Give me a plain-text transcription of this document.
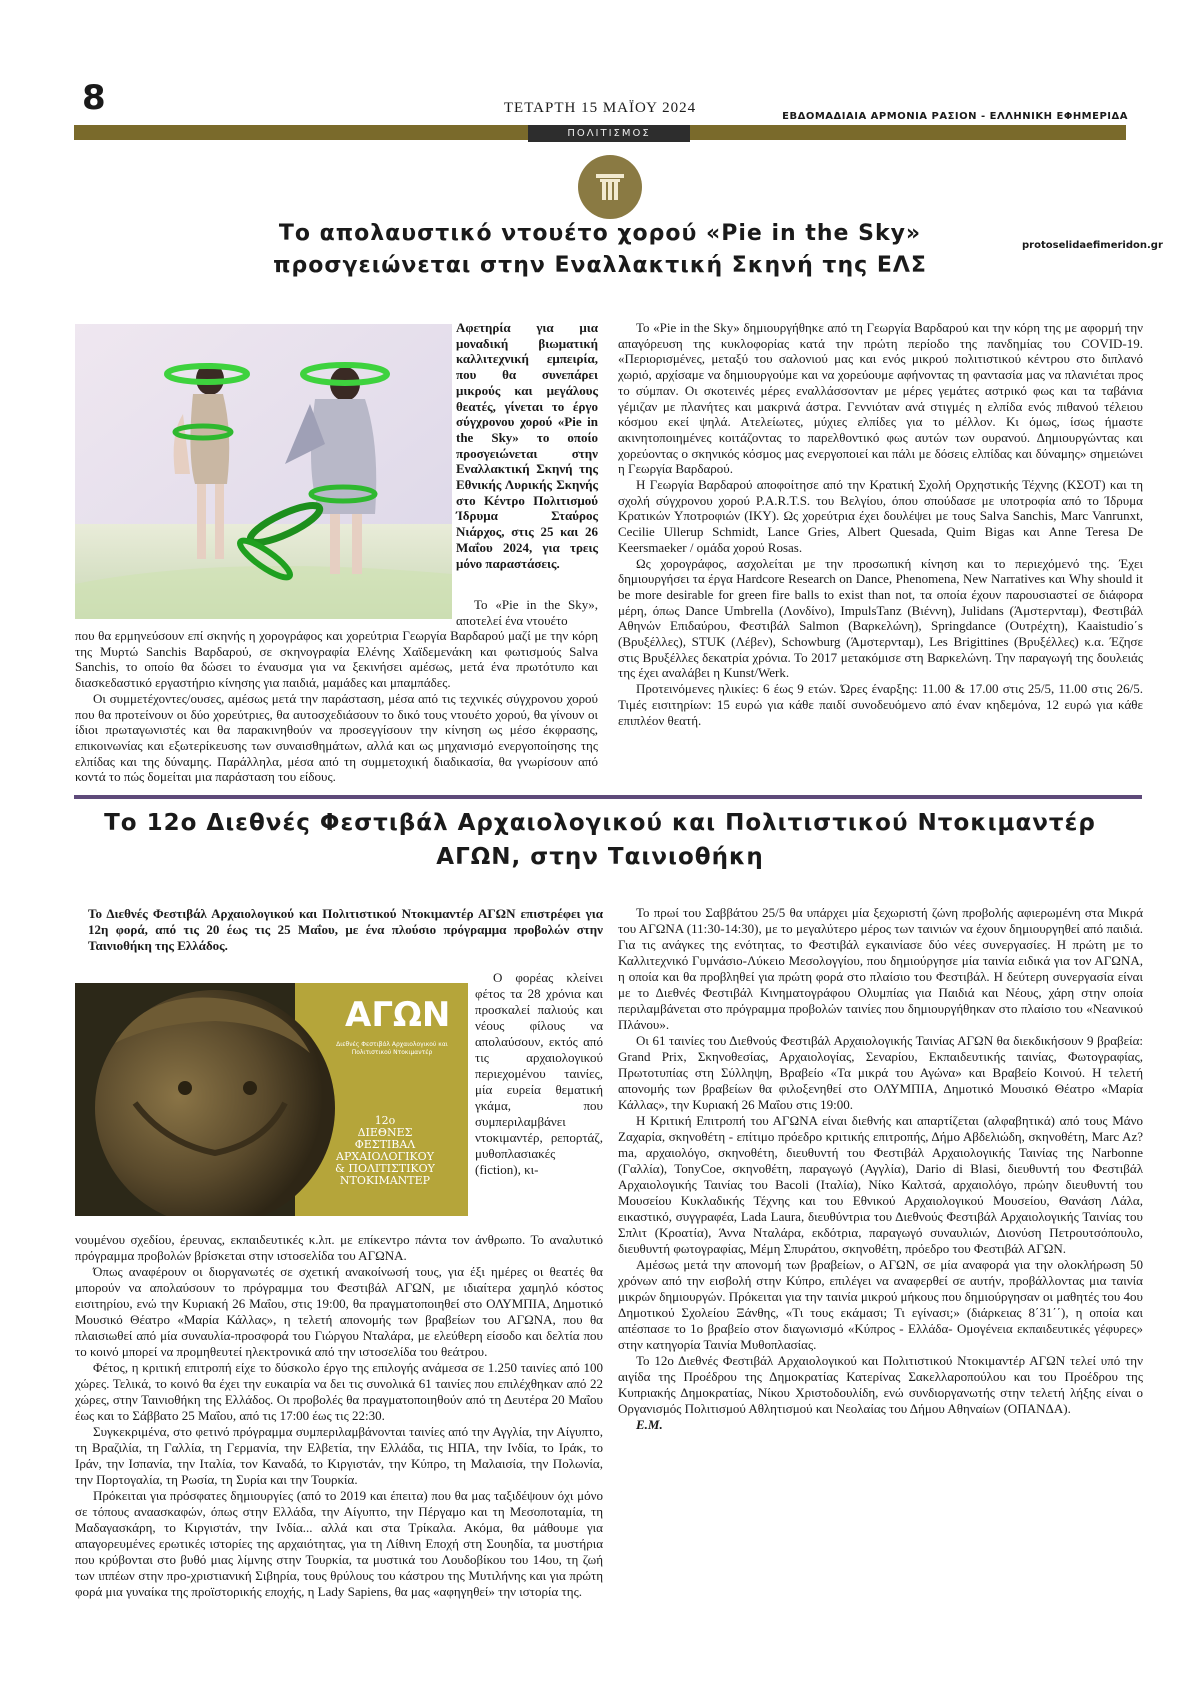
8	ΤΕΤΑΡΤΗ 15 ΜΑΪΟΥ 2024
ΕΒΔΟΜΑΔΙΑΙΑ ΑΡΜΟΝΙΑ ΡΑΣΙΟΝ - ΕΛΛΗΝΙΚΗ ΕΦΗΜΕΡΙΔΑ
ΠΟΛΙΤΙΣΜΟΣ
protoselidaefimeridon.gr
Το απολαυστικό ντουέτο χορού «Pie in the Sky» προσγειώνεται στην Εναλλακτική Σκηνή της ΕΛΣ
Αφετηρία για μια μοναδική βιωματική καλλιτεχνική εμπειρία, που θα συνεπάρει μικρούς και μεγάλους θεατές, γίνεται το έργο σύγχρονου χορού «Pie in the Sky» το οποίο προσγειώνεται στην Εναλλακτική Σκηνή της Εθνικής Λυρικής Σκηνής στο Κέντρο Πολιτισμού Ίδρυμα Σταύρος Νιάρχος, στις 25 και 26 Μαΐου 2024, για τρεις μόνο παραστάσεις.

Το «Pie in the Sky», αποτελεί ένα ντουέτο

που θα ερμηνεύσουν επί σκηνής η χορογράφος και χορεύτρια Γεωργία Βαρδαρού μαζί με την κόρη της Μυρτώ Sanchis Βαρδαρού, σε σκηνογραφία Ελένης Χαϊδεμενάκη και φωτισμούς Salva Sanchis, το οποίο θα δώσει το έναυσμα για να ξεκινήσει αμέσως, μετά ένα πρωτότυπο και διασκεδαστικό εργαστήριο κίνησης για παιδιά, μαμάδες και μπαμπάδες.

Οι συμμετέχοντες/ουσες, αμέσως μετά την παράσταση, μέσα από τις τεχνικές σύγχρονου χορού που θα προτείνουν οι δύο χορεύτριες, θα αυτοσχεδιάσουν το δικό τους ντουέτο χορού, θα γίνουν οι ίδιοι πρωταγωνιστές και θα παρακινηθούν να προσεγγίσουν την κίνηση ως μέσο έκφρασης, επικοινωνίας και εξωτερίκευσης των συναισθημάτων, αλλά και ως μηχανισμό ενεργοποίησης της ελπίδας και της δύναμης. Παράλληλα, μέσα από τη συμμετοχική διαδικασία, θα γνωρίσουν από κοντά το πώς δομείται μια παράσταση του είδους.

Το «Pie in the Sky» δημιουργήθηκε από τη Γεωργία Βαρδαρού και την κόρη της με αφορμή την απαγόρευση της κυκλοφορίας κατά την πρώτη περίοδο της πανδημίας του COVID-19. «Περιορισμένες, μεταξύ του σαλονιού μας και ενός μικρού πολιτιστικού κέντρου στο διπλανό χωριό, αρχίσαμε να δημιουργούμε και να χορεύουμε αφήνοντας τη φαντασία μας να πλανιέται προς το σύμπαν. Οι σκοτεινές μέρες εναλλάσσονταν με μέρες γεμάτες αστρικό φως και τα ταβάνια γέμιζαν με πλανήτες και μακρινά άστρα. Γεννιόταν ανά στιγμές η ελπίδα ενός πιθανού τέλειου κόσμου εκεί ψηλά. Ατελείωτες, μύχιες ελπίδες για το μέλλον. Κι όμως, ίσως ήμαστε ακινητοποιημένες κοιτάζοντας το παρελθοντικό φως αυτών των ουρανού. Δημιουργώντας και χορεύοντας ο σκηνικός κόσμος μας ενεργοποιεί και πάλι με δόσεις ελπίδας και δύναμης» σημειώνει η Γεωργία Βαρδαρού.

Η Γεωργία Βαρδαρού αποφοίτησε από την Κρατική Σχολή Ορχηστικής Τέχνης (ΚΣΟΤ) και τη σχολή σύγχρονου χορού P.A.R.T.S. του Βελγίου, όπου σπούδασε με υποτροφία από το Ίδρυμα Κρατικών Υποτροφιών (ΙΚΥ). Ως χορεύτρια έχει δουλέψει με τους Salva Sanchis, Marc Vanrunxt, Cecilie Ullerup Schmidt, Lance Gries, Albert Quesada, Quim Bigas και Anne Teresa De Keersmaeker / ομάδα χορού Rosas.

Ως χορογράφος, ασχολείται με την προσωπική κίνηση και το περιεχόμενό της. Έχει δημιουργήσει τα έργα Hardcore Research on Dance, Phenomena, New Narratives και Why should it be more desirable for green fire balls to exist than not, τα οποία έχουν παρουσιαστεί σε διάφορα μέρη, όπως Dance Umbrella (Λονδίνο), ImpulsTanz (Βιέννη), Julidans (Άμστερνταμ), Φεστιβάλ Αθηνών Επιδαύρου, Φεστιβάλ Salmon (Βαρκελώνη), Springdance (Ουτρέχτη), Kaaistudio΄s (Βρυξέλλες), STUK (Λέβεν), Schowburg (Άμστερνταμ), Les Brigittines (Βρυξέλλες) κ.α. Έζησε στις Βρυξέλλες δεκατρία χρόνια. Το 2017 μετακόμισε στη Βαρκελώνη. Την παραγωγή της δουλειάς της έχει αναλάβει η Kunst/Werk.

Προτεινόμενες ηλικίες: 6 έως 9 ετών. Ώρες έναρξης: 11.00 & 17.00 στις 25/5, 11.00 στις 26/5. Τιμές εισιτηρίων: 15 ευρώ για κάθε παιδί συνοδευόμενο από έναν κηδεμόνα, 12 ευρώ για κάθε επιπλέον θεατή.

Το 12ο Διεθνές Φεστιβάλ Αρχαιολογικού και Πολιτιστικού Ντοκιμαντέρ ΑΓΩΝ, στην Ταινιοθήκη
Το Διεθνές Φεστιβάλ Αρχαιολογικού και Πολιτιστικού Ντοκιμαντέρ ΑΓΩΝ επιστρέφει για 12η φορά, από τις 20 έως τις 25 Μαΐου, με ένα πλούσιο πρόγραμμα προβολών στην Ταινιοθήκη της Ελλάδος.
ΑΓΩΝ
Διεθνές Φεστιβάλ Αρχαιολογικού και Πολιτιστικού Ντοκιμαντέρ
12ο
ΔΙΕΘΝΕΣ
ΦΕΣΤΙΒΑΛ
ΑΡΧΑΙΟΛΟΓΙΚΟΥ
& ΠΟΛΙΤΙΣΤΙΚΟΥ
ΝΤΟΚΙΜΑΝΤΕΡ

Ο φορέας κλείνει φέτος τα 28 χρόνια και προσκαλεί παλιούς και νέους φίλους να απολαύσουν, εκτός από τις αρχαιολογικού περιεχομένου ταινίες, μία ευρεία θεματική γκάμα, που συμπεριλαμβάνει ντοκιμαντέρ, ρεπορτάζ, μυθοπλασιακές (fiction), κι-

νουμένου σχεδίου, έρευνας, εκπαιδευτικές κ.λπ. με επίκεντρο πάντα τον άνθρωπο. Το αναλυτικό πρόγραμμα προβολών βρίσκεται στην ιστοσελίδα του ΑΓΩΝΑ.

Όπως αναφέρουν οι διοργανωτές σε σχετική ανακοίνωσή τους, για έξι ημέρες οι θεατές θα μπορούν να απολαύσουν το πρόγραμμα του Φεστιβάλ ΑΓΩΝ, με ιδιαίτερα χαμηλό κόστος εισιτηρίου, ενώ την Κυριακή 26 Μαΐου, στις 19:00, θα πραγματοποιηθεί στο ΟΛΥΜΠΙΑ, Δημοτικό Μουσικό Θέατρο «Μαρία Κάλλας», η τελετή απονομής των βραβείων του ΑΓΩΝΑ, που θα πλαισιωθεί από μία συναυλία-προσφορά του Γιώργου Νταλάρα, με ελεύθερη είσοδο και δελτία που το κοινό μπορεί να προμηθευτεί ηλεκτρονικά από την ιστοσελίδα του θεάτρου.

Φέτος, η κριτική επιτροπή είχε το δύσκολο έργο της επιλογής ανάμεσα σε 1.250 ταινίες από 100 χώρες. Τελικά, το κοινό θα έχει την ευκαιρία να δει τις συνολικά 61 ταινίες που επιλέχθηκαν από 22 χώρες, στην Ταινιοθήκη της Ελλάδος. Οι προβολές θα πραγματοποιηθούν από τη Δευτέρα 20 Μαΐου έως και το Σάββατο 25 Μαΐου, από τις 17:00 έως τις 22:30.

Συγκεκριμένα, στο φετινό πρόγραμμα συμπεριλαμβάνονται ταινίες από την Αγγλία, την Αίγυπτο, τη Βραζιλία, τη Γαλλία, τη Γερμανία, την Ελβετία, την Ελλάδα, τις ΗΠΑ, την Ινδία, το Ιράκ, το Ιράν, την Ισπανία, την Ιταλία, τον Καναδά, το Κιργιστάν, την Κύπρο, τη Μαλαισία, την Πολωνία, την Πορτογαλία, τη Ρωσία, τη Συρία και την Τουρκία.

Πρόκειται για πρόσφατες δημιουργίες (από το 2019 και έπειτα) που θα μας ταξιδέψουν όχι μόνο σε τόπους αναασκαφών, όπως στην Ελλάδα, την Αίγυπτο, την Πέργαμο και τη Μεσοποταμία, τη Μαδαγασκάρη, το Κιργιστάν, την Ινδία... αλλά και στα Τρίκαλα. Ακόμα, θα μάθουμε για απαγορευμένες ερωτικές ιστορίες της αρχαιότητας, για τη Λίθινη Εποχή στη Σουηδία, τα μυστήρια που κρύβονται στο βυθό μιας λίμνης στην Τουρκία, τα μυστικά του Λουδοβίκου του 14ου, τη ζωή των ιππέων στην προ-χριστιανική Σιβηρία, τους θρύλους του κάστρου της Μυτιλήνης και για πρώτη φορά μια γυναίκα της προϊστορικής εποχής, η Lady Sapiens, θα μας «αφηγηθεί» την ιστορία της.

Το πρωί του Σαββάτου 25/5 θα υπάρχει μία ξεχωριστή ζώνη προβολής αφιερωμένη στα Μικρά του ΑΓΩΝΑ (11:30-14:30), με το μεγαλύτερο μέρος των ταινιών να έχουν δημιουργηθεί από παιδιά. Για τις ανάγκες της ενότητας, το Φεστιβάλ εγκαινίασε δύο νέες συνεργασίες. Η πρώτη με το Καλλιτεχνικό Γυμνάσιο-Λύκειο Μεσολογγίου, που δημιούργησε μία ταινία ειδικά για τον ΑΓΩΝΑ, η οποία και θα προβληθεί για πρώτη φορά στο πλαίσιο του Φεστιβάλ. Η δεύτερη συνεργασία είναι με το Διεθνές Φεστιβάλ Κινηματογράφου Ολυμπίας για Παιδιά και Νέους, χάρη στην οποία περιλαμβάνεται στο πρόγραμμα προβολών ταινίες που δημιουργήθηκαν στο πλαίσιο του «Νεανικού Πλάνου».

Οι 61 ταινίες του Διεθνούς Φεστιβάλ Αρχαιολογικής Ταινίας ΑΓΩΝ θα διεκδικήσουν 9 βραβεία: Grand Prix, Σκηνοθεσίας, Αρχαιολογίας, Σεναρίου, Εκπαιδευτικής ταινίας, Φωτογραφίας, Πρωτοτυπίας στη Σύλληψη, Βραβείο «Τα μικρά του Αγώνα» και Βραβείο Κοινού. Η τελετή απονομής των βραβείων θα φιλοξενηθεί στο ΟΛΥΜΠΙΑ, Δημοτικό Μουσικό Θέατρο «Μαρία Κάλλας», την Κυριακή 26 Μαΐου στις 19:00.

Η Κριτική Επιτροπή του ΑΓΩΝΑ είναι διεθνής και απαρτίζεται (αλφαβητικά) από τους Μάνο Ζαχαρία, σκηνοθέτη - επίτιμο πρόεδρο κριτικής επιτροπής, Δήμο Αβδελιώδη, σκηνοθέτη, Marc Az?ma, αρχαιολόγο, σκηνοθέτη, διευθυντή του Φεστιβάλ Αρχαιολογικής Ταινίας της Narbonne (Γαλλία), TonyCoe, σκηνοθέτη, παραγωγό (Αγγλία), Dario di Blasi, διευθυντή του Φεστιβάλ Αρχαιολογικής Ταινίας του Bacoli (Ιταλία), Νίκο Καλτσά, αρχαιολόγο, πρώην διευθυντή του Μουσείου Κυκλαδικής Τέχνης και του Εθνικού Αρχαιολογικού Μουσείου, Θανάση Λάλα, εικαστικό, συγγραφέα, Lada Laura, διευθύντρια του Διεθνούς Φεστιβάλ Αρχαιολογικής Ταινίας του Σπλιτ (Κροατία), Άννα Νταλάρα, εκδότρια, παραγωγό συναυλιών, Διονύση Πετρουτσόπουλο, διευθυντή φωτογραφίας, Μέμη Σπυράτου, σκηνοθέτη, πρόεδρο του Φεστιβάλ ΑΓΩΝ.

Αμέσως μετά την απονομή των βραβείων, ο ΑΓΩΝ, σε μία αναφορά για την ολοκλήρωση 50 χρόνων από την εισβολή στην Κύπρο, επιλέγει να αναφερθεί σε αυτήν, προβάλλοντας μια ταινία μικρών δημιουργών. Πρόκειται για την ταινία μικρού μήκους που δημιούργησαν οι μαθητές του 4ου Δημοτικού Σχολείου Ξάνθης, «Τι τους εκάμασι; Τι εγίνασι;» (διάρκειας 8΄31΄΄), η οποία και απέσπασε το 1ο βραβείο στον διαγωνισμό «Κύπρος - Ελλάδα- Ομογένεια εκπαιδευτικές γέφυρες» στην κατηγορία Ταινία Μυθοπλασίας.

Το 12ο Διεθνές Φεστιβάλ Αρχαιολογικού και Πολιτιστικού Ντοκιμαντέρ ΑΓΩΝ τελεί υπό την αιγίδα της Προέδρου της Δημοκρατίας Κατερίνας Σακελλαροπούλου και του Προέδρου της Κυπριακής Δημοκρατίας, Νίκου Χριστοδουλίδη, ενώ συνδιοργανωτής στην τελετή λήξης είναι ο Οργανισμός Πολιτισμού Αθλητισμού και Νεολαίας του Δήμου Αθηναίων (ΟΠΑΝΔΑ).

Ε.Μ.
